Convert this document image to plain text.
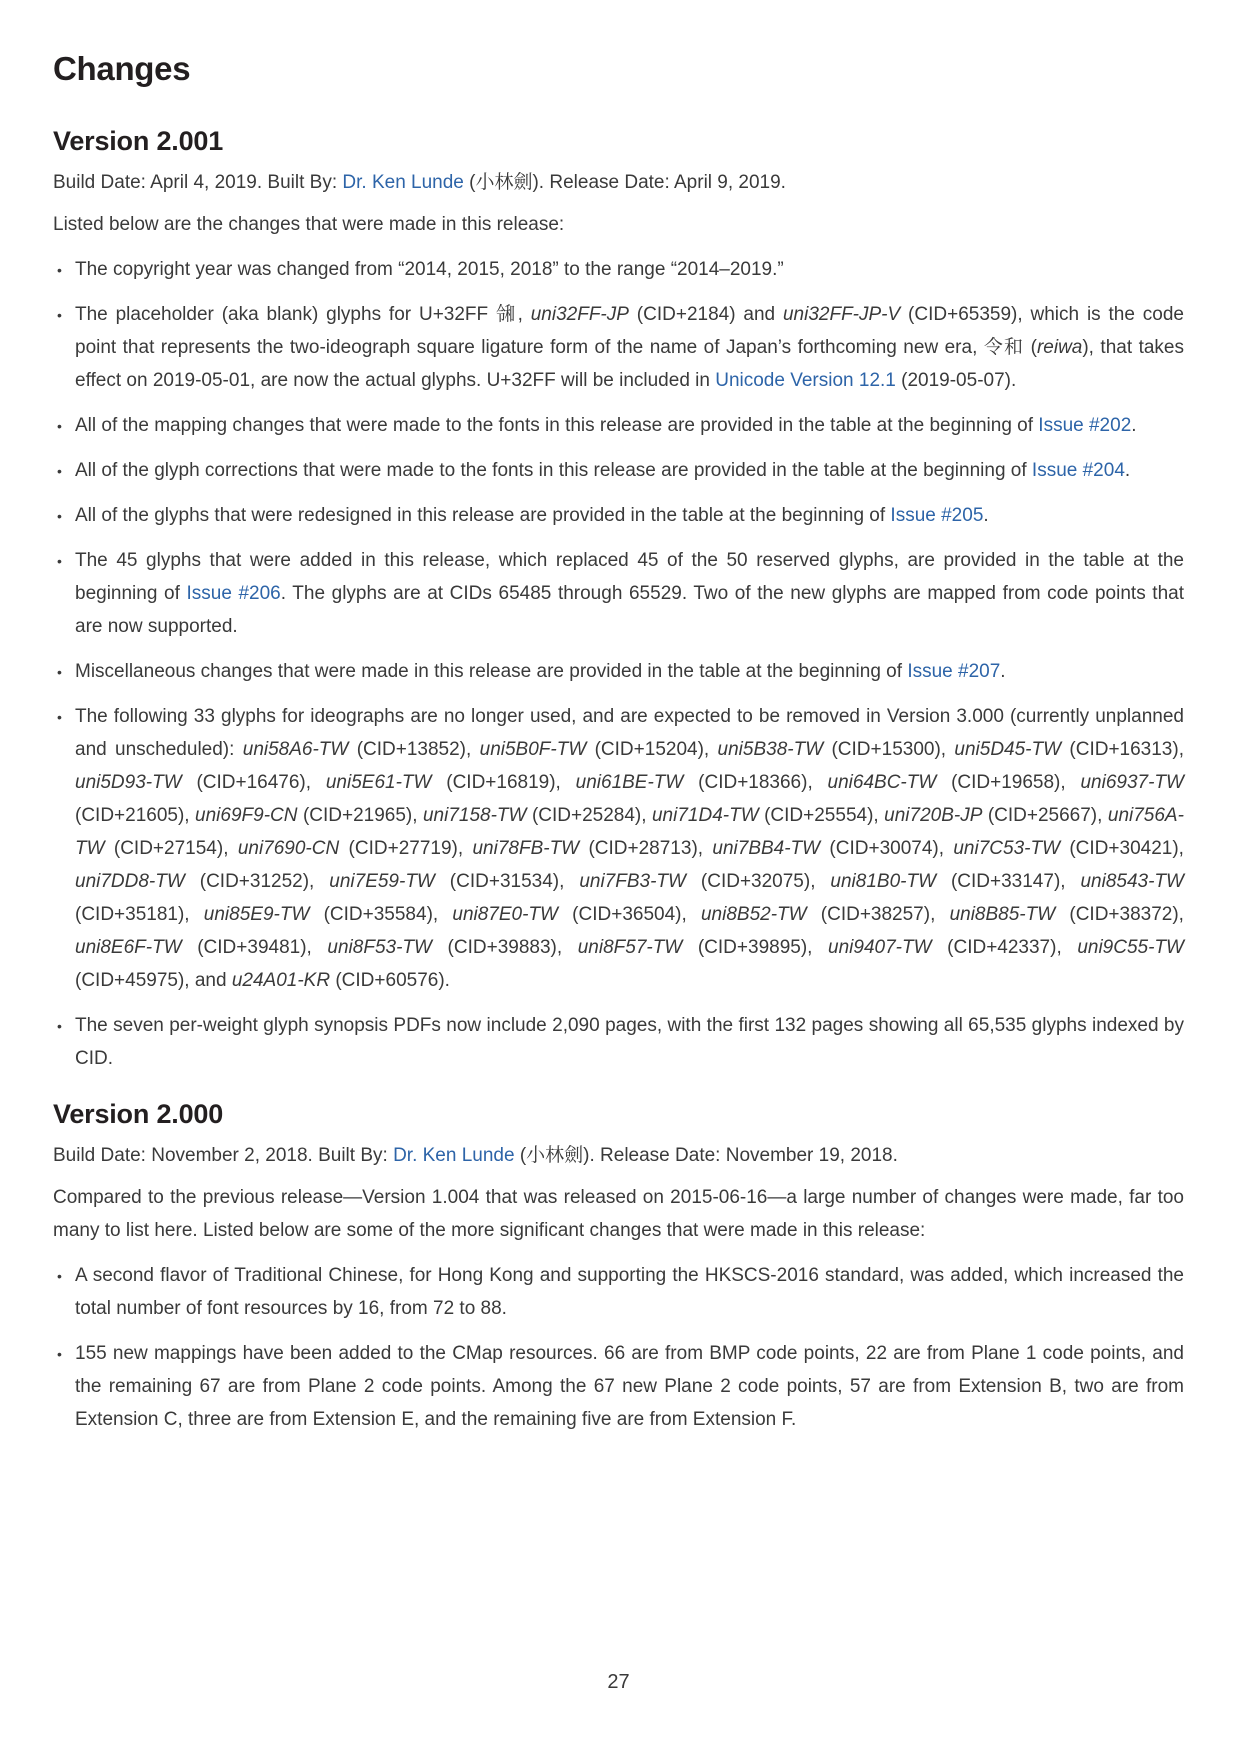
Changes
Version 2.001

Build Date: April 4, 2019. Built By: Dr. Ken Lunde (小林劍). Release Date: April 9, 2019.

Listed below are the changes that were made in this release:

• The copyright year was changed from “2014, 2015, 2018” to the range “2014–2019.”
• The placeholder (aka blank) glyphs for U+32FF ㋿, uni32FF-JP (CID+2184) and uni32FF-JP-V (CID+65359), which is the code point that represents the two-ideograph square ligature form of the name of Japan’s forthcoming new era, 令和 (reiwa), that takes effect on 2019-05-01, are now the actual glyphs. U+32FF will be included in Unicode Version 12.1 (2019-05-07).
• All of the mapping changes that were made to the fonts in this release are provided in the table at the beginning of Issue #202.
• All of the glyph corrections that were made to the fonts in this release are provided in the table at the beginning of Issue #204.
• All of the glyphs that were redesigned in this release are provided in the table at the beginning of Issue #205.
• The 45 glyphs that were added in this release, which replaced 45 of the 50 reserved glyphs, are provided in the table at the beginning of Issue #206. The glyphs are at CIDs 65485 through 65529. Two of the new glyphs are mapped from code points that are now supported.
• Miscellaneous changes that were made in this release are provided in the table at the beginning of Issue #207.
• The following 33 glyphs for ideographs are no longer used, and are expected to be removed in Version 3.000 (currently unplanned and unscheduled): uni58A6-TW (CID+13852), uni5B0F-TW (CID+15204), uni5B38-TW (CID+15300), uni5D45-TW (CID+16313), uni5D93-TW (CID+16476), uni5E61-TW (CID+16819), uni61BE-TW (CID+18366), uni64BC-TW (CID+19658), uni6937-TW (CID+21605), uni69F9-CN (CID+21965), uni7158-TW (CID+25284), uni71D4-TW (CID+25554), uni720B-JP (CID+25667), uni756A-TW (CID+27154), uni7690-CN (CID+27719), uni78FB-TW (CID+28713), uni7BB4-TW (CID+30074), uni7C53-TW (CID+30421), uni7DD8-TW (CID+31252), uni7E59-TW (CID+31534), uni7FB3-TW (CID+32075), uni81B0-TW (CID+33147), uni8543-TW (CID+35181), uni85E9-TW (CID+35584), uni87E0-TW (CID+36504), uni8B52-TW (CID+38257), uni8B85-TW (CID+38372), uni8E6F-TW (CID+39481), uni8F53-TW (CID+39883), uni8F57-TW (CID+39895), uni9407-TW (CID+42337), uni9C55-TW (CID+45975), and u24A01-KR (CID+60576).
• The seven per-weight glyph synopsis PDFs now include 2,090 pages, with the first 132 pages showing all 65,535 glyphs indexed by CID.
Version 2.000

Build Date: November 2, 2018. Built By: Dr. Ken Lunde (小林劍). Release Date: November 19, 2018.

Compared to the previous release—Version 1.004 that was released on 2015-06-16—a large number of changes were made, far too many to list here. Listed below are some of the more significant changes that were made in this release:

• A second flavor of Traditional Chinese, for Hong Kong and supporting the HKSCS-2016 standard, was added, which increased the total number of font resources by 16, from 72 to 88.
• 155 new mappings have been added to the CMap resources. 66 are from BMP code points, 22 are from Plane 1 code points, and the remaining 67 are from Plane 2 code points. Among the 67 new Plane 2 code points, 57 are from Extension B, two are from Extension C, three are from Extension E, and the remaining five are from Extension F.
27
